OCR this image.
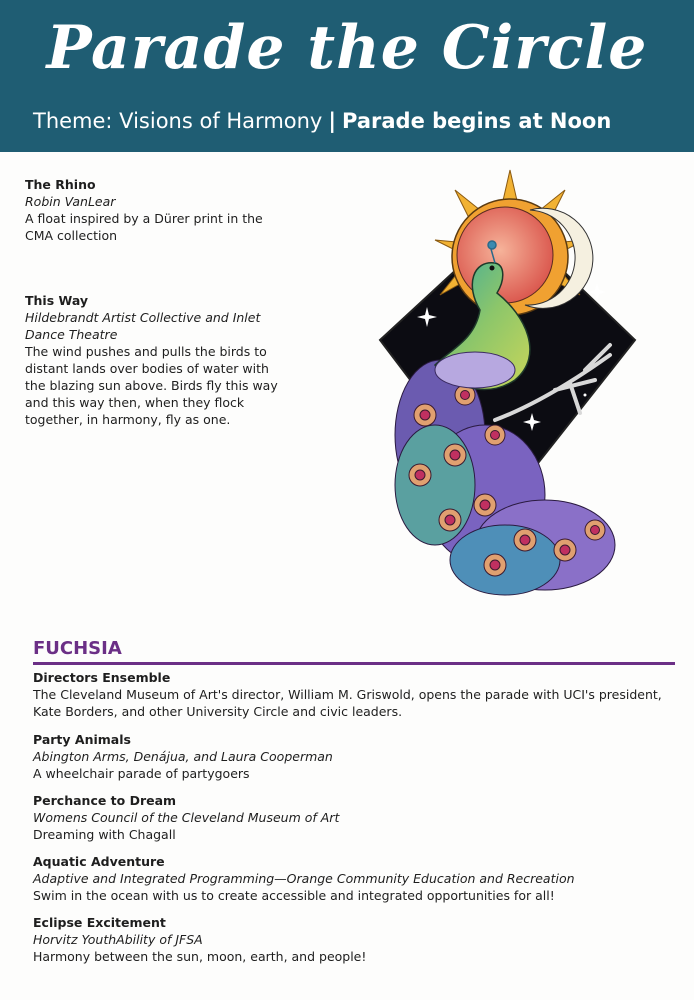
Parade the Circle
Theme: Visions of Harmony | Parade begins at Noon
The Rhino
Robin VanLear
A float inspired by a Dürer print in the CMA collection
This Way
Hildebrandt Artist Collective and Inlet Dance Theatre
The wind pushes and pulls the birds to distant lands over bodies of water with the blazing sun above. Birds fly this way and this way then, when they flock together, in harmony, fly as one.
FUCHSIA
Directors Ensemble
The Cleveland Museum of Art's director, William M. Griswold, opens the parade with UCI's president, Kate Borders, and other University Circle and civic leaders.
Party Animals
Abington Arms, Denájua, and Laura Cooperman
A wheelchair parade of partygoers
Perchance to Dream
Womens Council of the Cleveland Museum of Art
Dreaming with Chagall
Aquatic Adventure
Adaptive and Integrated Programming—Orange Community Education and Recreation
Swim in the ocean with us to create accessible and integrated opportunities for all!
Eclipse Excitement
Horvitz YouthAbility of JFSA
Harmony between the sun, moon, earth, and people!
